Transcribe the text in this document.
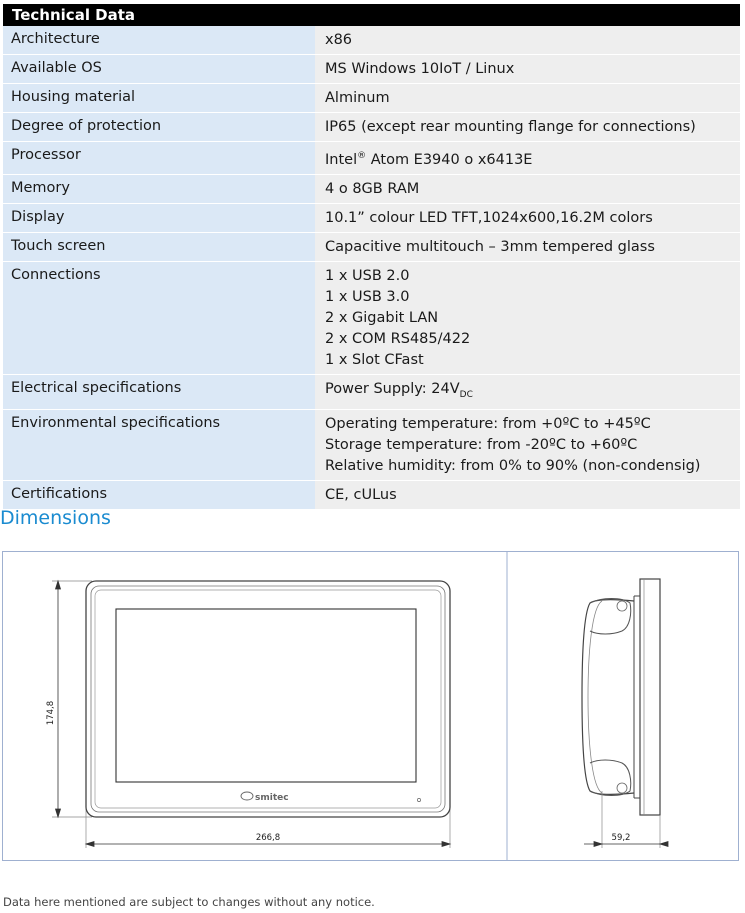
Technical Data
Architecture	x86
Available OS	MS Windows 10IoT / Linux
Housing material	Alminum
Degree of protection	IP65 (except rear mounting flange for connections)
Processor	Intel® Atom E3940 o x6413E
Memory	4 o 8GB RAM
Display	10.1” colour LED TFT,1024x600,16.2M colors
Touch screen	Capacitive multitouch – 3mm tempered glass
Connections	1 x USB 2.0
1 x USB 3.0
2 x Gigabit LAN
2 x COM RS485/422
1 x Slot CFast
Electrical specifications	Power Supply: $24V_{DC}$
Environmental specifications	Operating temperature: from +0ºC to +45ºC
Storage temperature: from -20ºC to +60ºC
Relative humidity: from 0% to 90% (non-condensig)
Certifications	CE, cULus
Dimensions
174,8
266,8
smitec
59,2
Data here mentioned are subject to changes without any notice.
